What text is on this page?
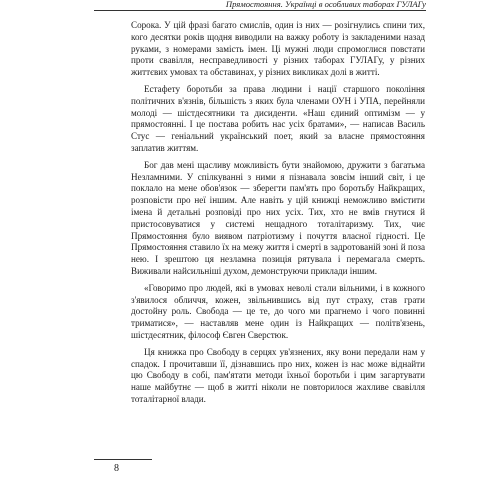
Прямостояння. Українці в особливих таборах ГУЛАГу

Сорока. У цій фразі багато смислів, один із них — розігнулись спини тих, кого десятки років щодня виводили на важку роботу із закладеними назад руками, з номерами замість імен. Ці мужні люди спромоглися повстати проти свавілля, несправедливості у різних таборах ГУЛАГу, у різних життєвих умовах та обставинах, у різних викликах долі в житті.

Естафету боротьби за права людини і нації старшого покоління політичних в'язнів, більшість з яких була членами ОУН і УПА, перейняли молоді — шістдесятники та дисиденти. «Наш єдиний оптимізм — у прямостоянні. І це постава робить нас усіх братами», — написав Василь Стус — геніальний український поет, який за власне прямостояння заплатив життям.

Бог дав мені щасливу можливість бути знайомою, дружити з багатьма Незламними. У спілкуванні з ними я пізнавала зовсім інший світ, і це поклало на мене обов'язок — зберегти пам'ять про боротьбу Найкращих, розповісти про неї іншим. Але навіть у цій книжці неможливо вмістити імена й детальні розповіді про них усіх. Тих, хто не вмів гнутися й пристосовуватися у системі нещадного тоталітаризму. Тих, чиє Прямостояння було виявом патріотизму і почуття власної гідності. Це Прямостояння ставило їх на межу життя і смерті в задротованій зоні й поза нею. І зрештою ця незламна позиція рятувала і перемагала смерть. Виживали найсильніші духом, демонструючи приклади іншим.

«Говоримо про людей, які в умовах неволі стали вільними, і в кожного з'явилося обличчя, кожен, звільнившись від пут страху, став грати достойну роль. Свобода — це те, до чого ми прагнемо і чого повинні триматися», — наставляв мене один із Найкращих — політв'язень, шістдесятник, філософ Євген Сверстюк.

Ця книжка про Свободу в серцях ув'язнених, яку вони передали нам у спадок. І прочитавши її, дізнавшись про них, кожен із нас може віднайти цю Свободу в собі, пам'ятати методи їхньої боротьби і цим загартувати наше майбутнє — щоб в житті ніколи не повторилося жахливе свавілля тоталітарної влади.

8
